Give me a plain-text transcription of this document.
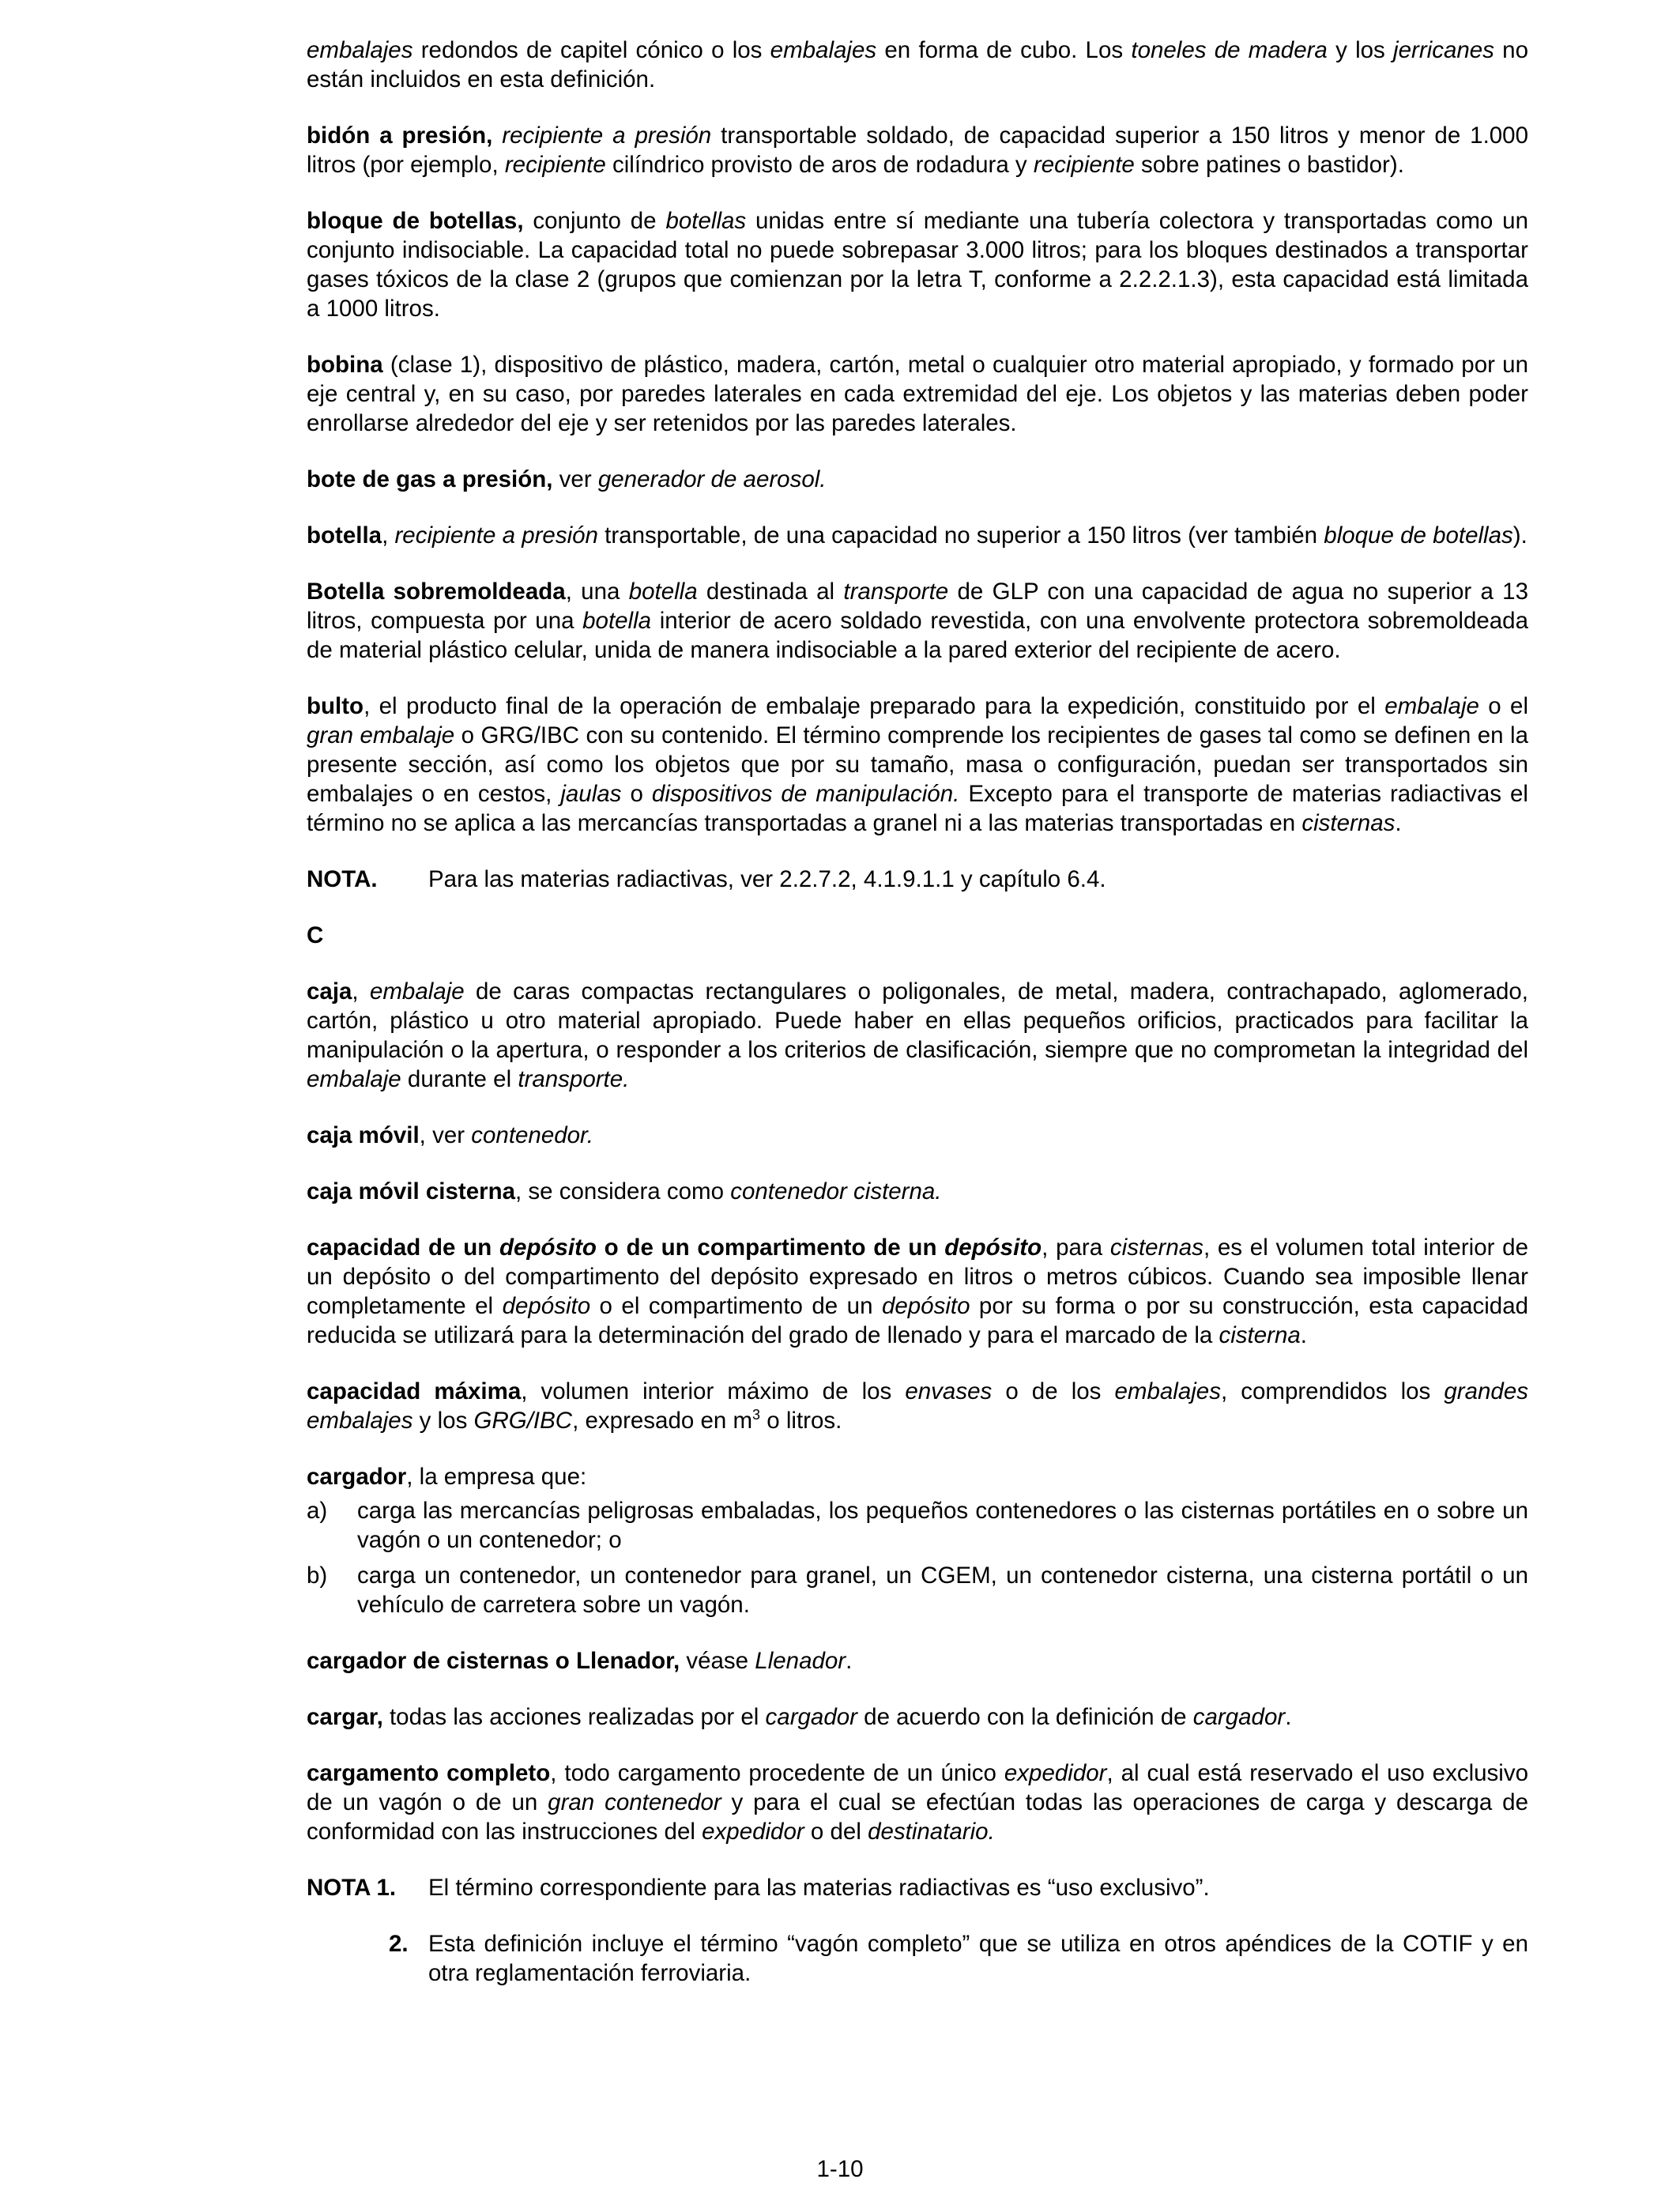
embalajes redondos de capitel cónico o los embalajes en forma de cubo. Los toneles de madera y los jerricanes no están incluidos en esta definición.
bidón a presión, recipiente a presión transportable soldado, de capacidad superior a 150 litros y menor de 1.000 litros (por ejemplo, recipiente cilíndrico provisto de aros de rodadura y recipiente sobre patines o bastidor).
bloque de botellas, conjunto de botellas unidas entre sí mediante una tubería colectora y transportadas como un conjunto indisociable. La capacidad total no puede sobrepasar 3.000 litros; para los bloques destinados a transportar gases tóxicos de la clase 2 (grupos que comienzan por la letra T, conforme a 2.2.2.1.3), esta capacidad está limitada a 1000 litros.
bobina (clase 1), dispositivo de plástico, madera, cartón, metal o cualquier otro material apropiado, y formado por un eje central y, en su caso, por paredes laterales en cada extremidad del eje. Los objetos y las materias deben poder enrollarse alrededor del eje y ser retenidos por las paredes laterales.
bote de gas a presión, ver generador de aerosol.
botella, recipiente a presión transportable, de una capacidad no superior a 150 litros (ver también bloque de botellas).
Botella sobremoldeada, una botella destinada al transporte de GLP con una capacidad de agua no superior a 13 litros, compuesta por una botella interior de acero soldado revestida, con una envolvente protectora sobremoldeada de material plástico celular, unida de manera indisociable a la pared exterior del recipiente de acero.
bulto, el producto final de la operación de embalaje preparado para la expedición, constituido por el embalaje o el gran embalaje o GRG/IBC con su contenido. El término comprende los recipientes de gases tal como se definen en la presente sección, así como los objetos que por su tamaño, masa o configuración, puedan ser transportados sin embalajes o en cestos, jaulas o dispositivos de manipulación. Excepto para el transporte de materias radiactivas el término no se aplica a las mercancías transportadas a granel ni a las materias transportadas en cisternas.
NOTA.	Para las materias radiactivas, ver 2.2.7.2, 4.1.9.1.1 y capítulo 6.4.
C
caja, embalaje de caras compactas rectangulares o poligonales, de metal, madera, contrachapado, aglomerado, cartón, plástico u otro material apropiado. Puede haber en ellas pequeños orificios, practicados para facilitar la manipulación o la apertura, o responder a los criterios de clasificación, siempre que no comprometan la integridad del embalaje durante el transporte.
caja móvil, ver contenedor.
caja móvil cisterna, se considera como contenedor cisterna.
capacidad de un depósito o de un compartimento de un depósito, para cisternas, es el volumen total interior de un depósito o del compartimento del depósito expresado en litros o metros cúbicos. Cuando sea imposible llenar completamente el depósito o el compartimento de un depósito por su forma o por su construcción, esta capacidad reducida se utilizará para la determinación del grado de llenado y para el marcado de la cisterna.
capacidad máxima, volumen interior máximo de los envases o de los embalajes, comprendidos los grandes embalajes y los GRG/IBC, expresado en $m^3$ o litros.
cargador, la empresa que:
a)	carga las mercancías peligrosas embaladas, los pequeños contenedores o las cisternas portátiles en o sobre un vagón o un contenedor; o
b)	carga un contenedor, un contenedor para granel, un CGEM, un contenedor cisterna, una cisterna portátil o un vehículo de carretera sobre un vagón.
cargador de cisternas o Llenador, véase Llenador.
cargar, todas las acciones realizadas por el cargador de acuerdo con la definición de cargador.
cargamento completo, todo cargamento procedente de un único expedidor, al cual está reservado el uso exclusivo de un vagón o de un gran contenedor y para el cual se efectúan todas las operaciones de carga y descarga de conformidad con las instrucciones del expedidor o del destinatario.
NOTA 1.	El término correspondiente para las materias radiactivas es “uso exclusivo”.
2. Esta definición incluye el término “vagón completo” que se utiliza en otros apéndices de la COTIF y en otra reglamentación ferroviaria.
1-10
